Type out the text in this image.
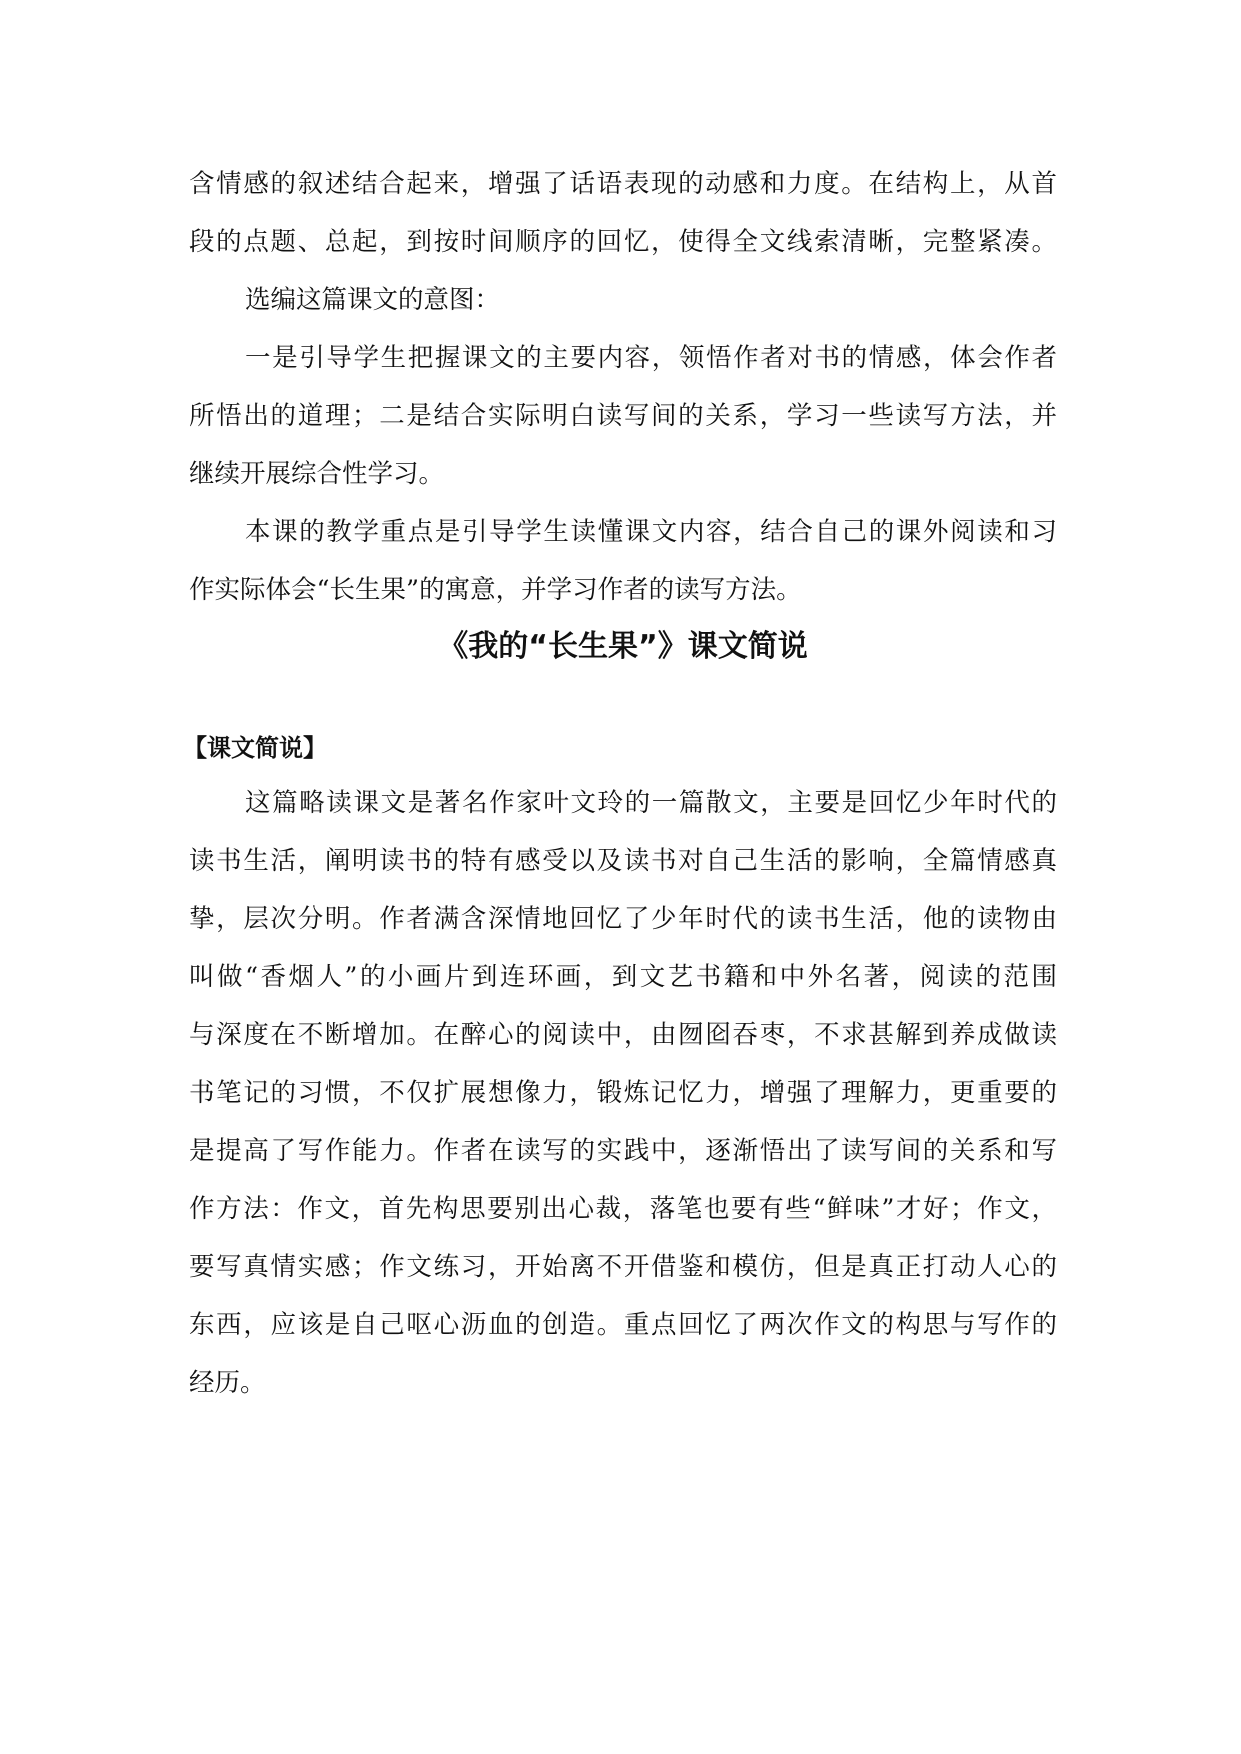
含情感的叙述结合起来，增强了话语表现的动感和力度。在结构上，从首
段的点题、总起，到按时间顺序的回忆，使得全文线索清晰，完整紧凑。
选编这篇课文的意图：
一是引导学生把握课文的主要内容，领悟作者对书的情感，体会作者
所悟出的道理；二是结合实际明白读写间的关系，学习一些读写方法，并
继续开展综合性学习。
本课的教学重点是引导学生读懂课文内容，结合自己的课外阅读和习
作实际体会“长生果”的寓意，并学习作者的读写方法。
《我的“长生果”》课文简说
【课文简说】
这篇略读课文是著名作家叶文玲的一篇散文，主要是回忆少年时代的
读书生活，阐明读书的特有感受以及读书对自己生活的影响，全篇情感真
挚，层次分明。作者满含深情地回忆了少年时代的读书生活，他的读物由
叫做“香烟人”的小画片到连环画，到文艺书籍和中外名著，阅读的范围
与深度在不断增加。在醉心的阅读中，由囫囵吞枣，不求甚解到养成做读
书笔记的习惯，不仅扩展想像力，锻炼记忆力，增强了理解力，更重要的
是提高了写作能力。作者在读写的实践中，逐渐悟出了读写间的关系和写
作方法：作文，首先构思要别出心裁，落笔也要有些“鲜味”才好；作文，
要写真情实感；作文练习，开始离不开借鉴和模仿，但是真正打动人心的
东西，应该是自己呕心沥血的创造。重点回忆了两次作文的构思与写作的
经历。
